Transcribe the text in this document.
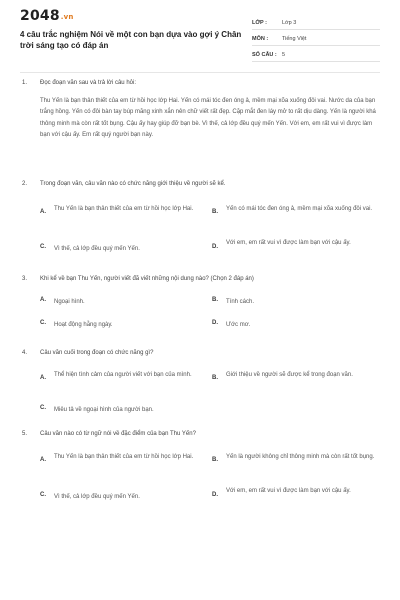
2048.vn
4 câu trắc nghiệm Nói về một con bạn dựa vào gợi ý Chân trời sáng tạo có đáp án
LỚP :	Lớp 3
MÔN :	Tiếng Việt
SỐ CÂU : 5
1. Đọc đoạn văn sau và trả lời câu hỏi:
Thu Yến là bạn thân thiết của em từ hồi học lớp Hai. Yến có mái tóc đen óng ả, mềm mại xõa xuống đôi vai. Nước da của bạn trắng hồng. Yến có đôi bàn tay búp măng xinh xắn nên chữ viết rất đẹp. Cặp mắt đen láy mở to rất dịu dàng. Yến là người khá thông minh mà còn rất tốt bụng. Cậu ấy hay giúp đỡ bạn bè. Vì thế, cả lớp đều quý mến Yến. Với em, em rất vui vì được làm bạn với cậu ấy. Em rất quý người bạn này.
2. Trong đoạn văn, câu văn nào có chức năng giới thiệu về người sẽ kể.
A. Thu Yến là bạn thân thiết của em từ hồi học lớp Hai.	B. Yến có mái tóc đen óng ả, mềm mại xõa xuống đôi vai.
C. Vì thế, cả lớp đều quý mến Yến.	D.
Với em, em rất vui vì được làm bạn với cậu ấy.
3. Khi kể về bạn Thu Yến, người viết đã viết những nội dung nào? (Chọn 2 đáp án)
A. Ngoại hình.	B. Tính cách.
C. Hoạt động hằng ngày.	D. Ước mơ.
4. Câu văn cuối trong đoạn có chức năng gì?
A. Thể hiện tình cảm của người viết với bạn của mình.	B. Giới thiệu về người sẽ được kể trong đoạn văn.
C. Miêu tả về ngoại hình của người bạn.
5. Câu văn nào có từ ngữ nói về đặc điểm của bạn Thu Yến?
A. Thu Yến là bạn thân thiết của em từ hồi học lớp Hai.	B. Yến là người không chỉ thông minh mà còn rất tốt bụng.
C. Vì thế, cả lớp đều quý mến Yến.	D.
Với em, em rất vui vì được làm bạn với cậu ấy.
